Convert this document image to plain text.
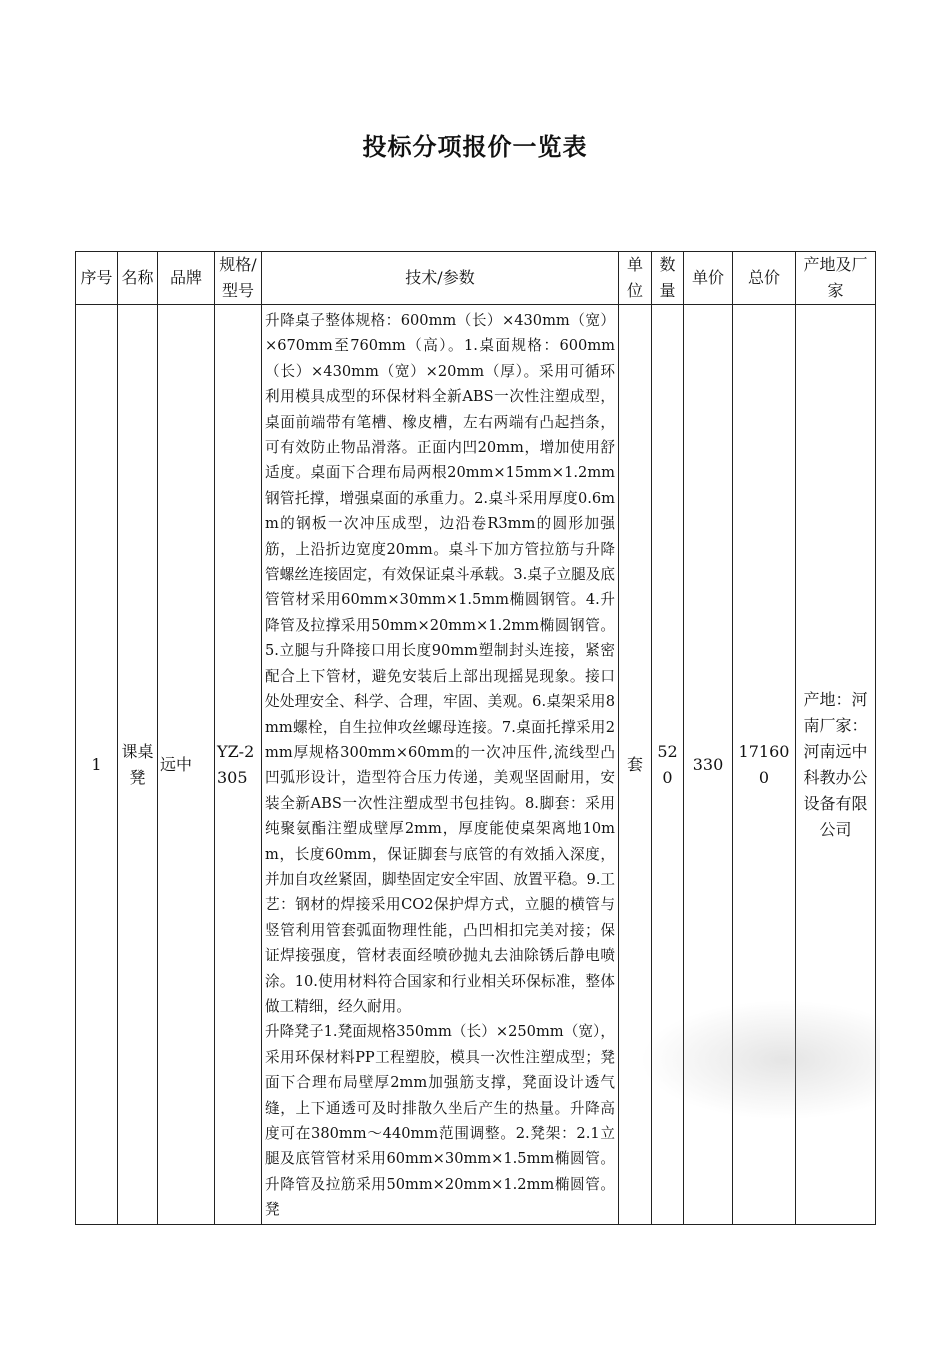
投标分项报价一览表
序号	名称	品牌	规格/型号	技术/参数	单位	数量	单价	总价	产地及厂家
1	课桌凳	远中	YZ-2305	升降桌子整体规格：600mm（长）×430mm（宽）×670mm至760mm（高）。1.桌面规格：600mm（长）×430mm（宽）×20mm（厚）。采用可循环利用模具成型的环保材料全新ABS一次性注塑成型，桌面前端带有笔槽、橡皮槽，左右两端有凸起挡条，可有效防止物品滑落。正面内凹20mm，增加使用舒适度。桌面下合理布局两根20mm×15mm×1.2mm钢管托撑，增强桌面的承重力。2.桌斗采用厚度0.6mm的钢板一次冲压成型，边沿卷R3mm的圆形加强筋，上沿折边宽度20mm。桌斗下加方管拉筋与升降管螺丝连接固定，有效保证桌斗承载。3.桌子立腿及底管管材采用60mm×30mm×1.5mm椭圆钢管。4.升降管及拉撑采用50mm×20mm×1.2mm椭圆钢管。5.立腿与升降接口用长度90mm塑制封头连接，紧密配合上下管材，避免安装后上部出现摇晃现象。接口处处理安全、科学、合理，牢固、美观。6.桌架采用8mm螺栓，自生拉伸攻丝螺母连接。7.桌面托撑采用2mm厚规格300mm×60mm的一次冲压件,流线型凸凹弧形设计，造型符合压力传递，美观坚固耐用，安装全新ABS一次性注塑成型书包挂钩。8.脚套：采用纯聚氨酯注塑成壁厚2mm，厚度能使桌架离地10mm，长度60mm，保证脚套与底管的有效插入深度，并加自攻丝紧固，脚垫固定安全牢固、放置平稳。9.工艺：钢材的焊接采用CO2保护焊方式，立腿的横管与竖管利用管套弧面物理性能，凸凹相扣完美对接；保证焊接强度，管材表面经喷砂抛丸去油除锈后静电喷涂。10.使用材料符合国家和行业相关环保标准，整体做工精细，经久耐用。

升降凳子1.凳面规格350mm（长）×250mm（宽），采用环保材料PP工程塑胶，模具一次性注塑成型；凳面下合理布局壁厚2mm加强筋支撑，凳面设计透气缝，上下通透可及时排散久坐后产生的热量。升降高度可在380mm～440mm范围调整。2.凳架：2.1立腿及底管管材采用60mm×30mm×1.5mm椭圆管。升降管及拉筋采用50mm×20mm×1.2mm椭圆管。凳	套	520	330	171600	产地：河南厂家：河南远中科教办公设备有限公司
